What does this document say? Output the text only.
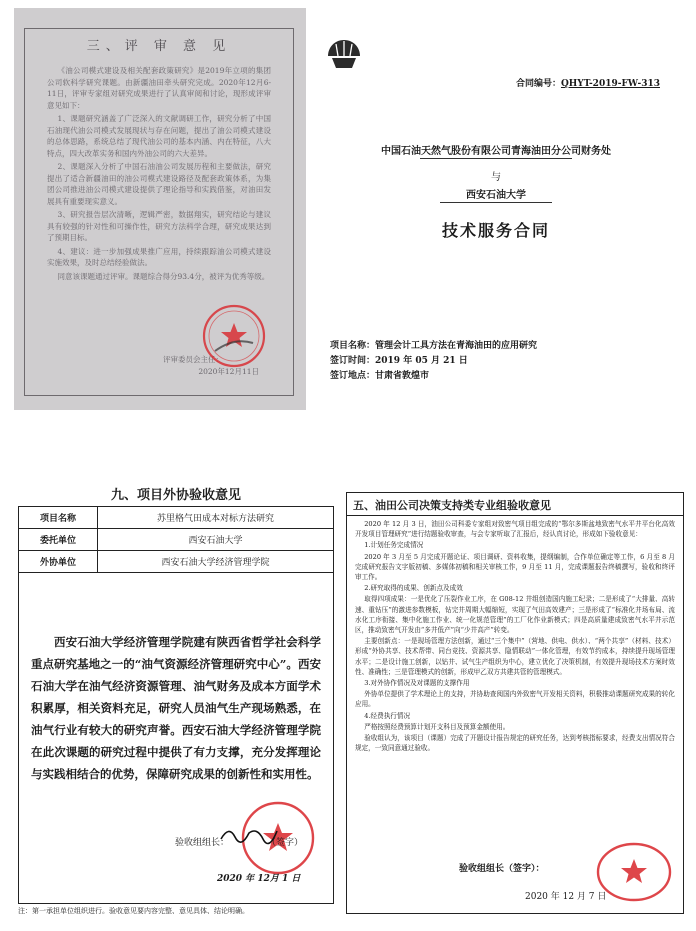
三、评 审 意 见

《油公司模式建设及相关配套政策研究》是2019年立项的集团公司软科学研究课题。由新疆油田牵头研究完成。2020年12月6-11日，评审专家组对研究成果进行了认真审阅和讨论，现形成评审意见如下：

1、课题研究涵盖了广泛深入的文献调研工作，研究分析了中国石油现代油公司模式发展现状与存在问题，提出了油公司模式建设的总体思路，系统总结了现代油公司的基本内涵、内在特征，八大特点，四大改革实务和国内外油公司的六大差异。

2、课题深入分析了中国石油油公司发展历程和主要做法，研究提出了适合新疆油田的油公司模式建设路径及配套政策体系，为集团公司推进油公司模式建设提供了理论指导和实践借鉴，对油田发展具有重要现实意义。

3、研究报告层次清晰，逻辑严密，数据翔实，研究结论与建议具有较强的针对性和可操作性，研究方法科学合理，研究成果达到了预期目标。

4、建议：进一步加强成果推广应用，持续跟踪油公司模式建设实施效果，及时总结经验做法。

同意该课题通过评审。课题综合得分93.4分，被评为优秀等级。

评审委员会主任：
2020年12月11日
合同编号：QHYT-2019-FW-313
中国石油天然气股份有限公司青海油田分公司财务处
与
西安石油大学
技术服务合同
项目名称：管理会计工具方法在青海油田的应用研究
签订时间：2019 年 05 月 21 日
签订地点：甘肃省敦煌市
九、项目外协验收意见
项目名称	苏里格气田成本对标方法研究
委托单位	西安石油大学
外协单位	西安石油大学经济管理学院
西安石油大学经济管理学院建有陕西省哲学社会科学重点研究基地之一的“油气资源经济管理研究中心”。西安石油大学在油气经济资源管理、油气财务及成本方面学术积累厚，相关资料充足，研究人员油气生产现场熟悉，在油气行业有较大的研究声誉。西安石油大学经济管理学院在此次课题的研究过程中提供了有力支撑，充分发挥理论与实践相结合的优势，保障研究成果的创新性和实用性。
验收组组长：	（签字）
2020 年 12月 1 日
注：第一承担单位组织进行。验收意见要内容完整、意见具体、结论明确。
五、油田公司决策支持类专业组验收意见

2020 年 12 月 3 日，油田公司科委专家组对致密气项目组完成的“鄂尔多斯盆地致密气水平井平台化高效开发项目管理研究”进行结题验收审查，与会专家听取了汇报后，经认真讨论，形成如下验收意见：

1.计划任务完成情况

2020 年 3 月至 5 月完成开题论证、项目调研、资料收集，提纲编制，合作单位确定等工作，6 月至 8 月完成研究报告文字版初稿、多媒体初稿和相关审核工作，9 月至 11 月，完成课题报告终稿撰写，验收和终评审工作。

2.研究取得的成果、创新点及成效

取得四项成果：一是优化了压裂作业工序，在 G08-12 井组创造国内施工纪录；二是形成了“大排量、高转速、重钻压”的激进参数模板，钻完井周期大幅缩短，实现了气田高效建产；三是形成了“标准化井场布局、流水化工序衔接、集中化施工作业、统一化规范管理”的工厂化作业新模式；四是高质量建成致密气水平井示范区，推动致密气开发由“多井低产”向“少井高产”转变。

主要创新点：一是现场管理方法创新，通过“三个集中”（营地、供电、供水）、“两个共享”（材料、技术）形成“外协共享、技术帮带、同台竞技、资源共享、隐情联动”一体化管理，有效节约成本，持续提升现场管理水平；二是设计施工创新，以钻井、试气生产组织为中心，建立优化了决策机制，有效提升现场技术方案时效性、准确性；三是管理模式的创新，形成甲乙双方共建共管的管理模式。

3.对外协作情况及对课题的支撑作用

外协单位提供了学术理论上的支持，并协助查阅国内外致密气开发相关资料，积极推动课题研究成果的转化应用。

4.经费执行情况

严格按照经费预算计划开支科目及预算金额使用。

验收组认为，该项目（课题）完成了开题设计报告规定的研究任务，达到考核指标要求，经费支出情况符合规定，一致同意通过验收。

验收组组长（签字）：
2020 年 12 月 7 日
